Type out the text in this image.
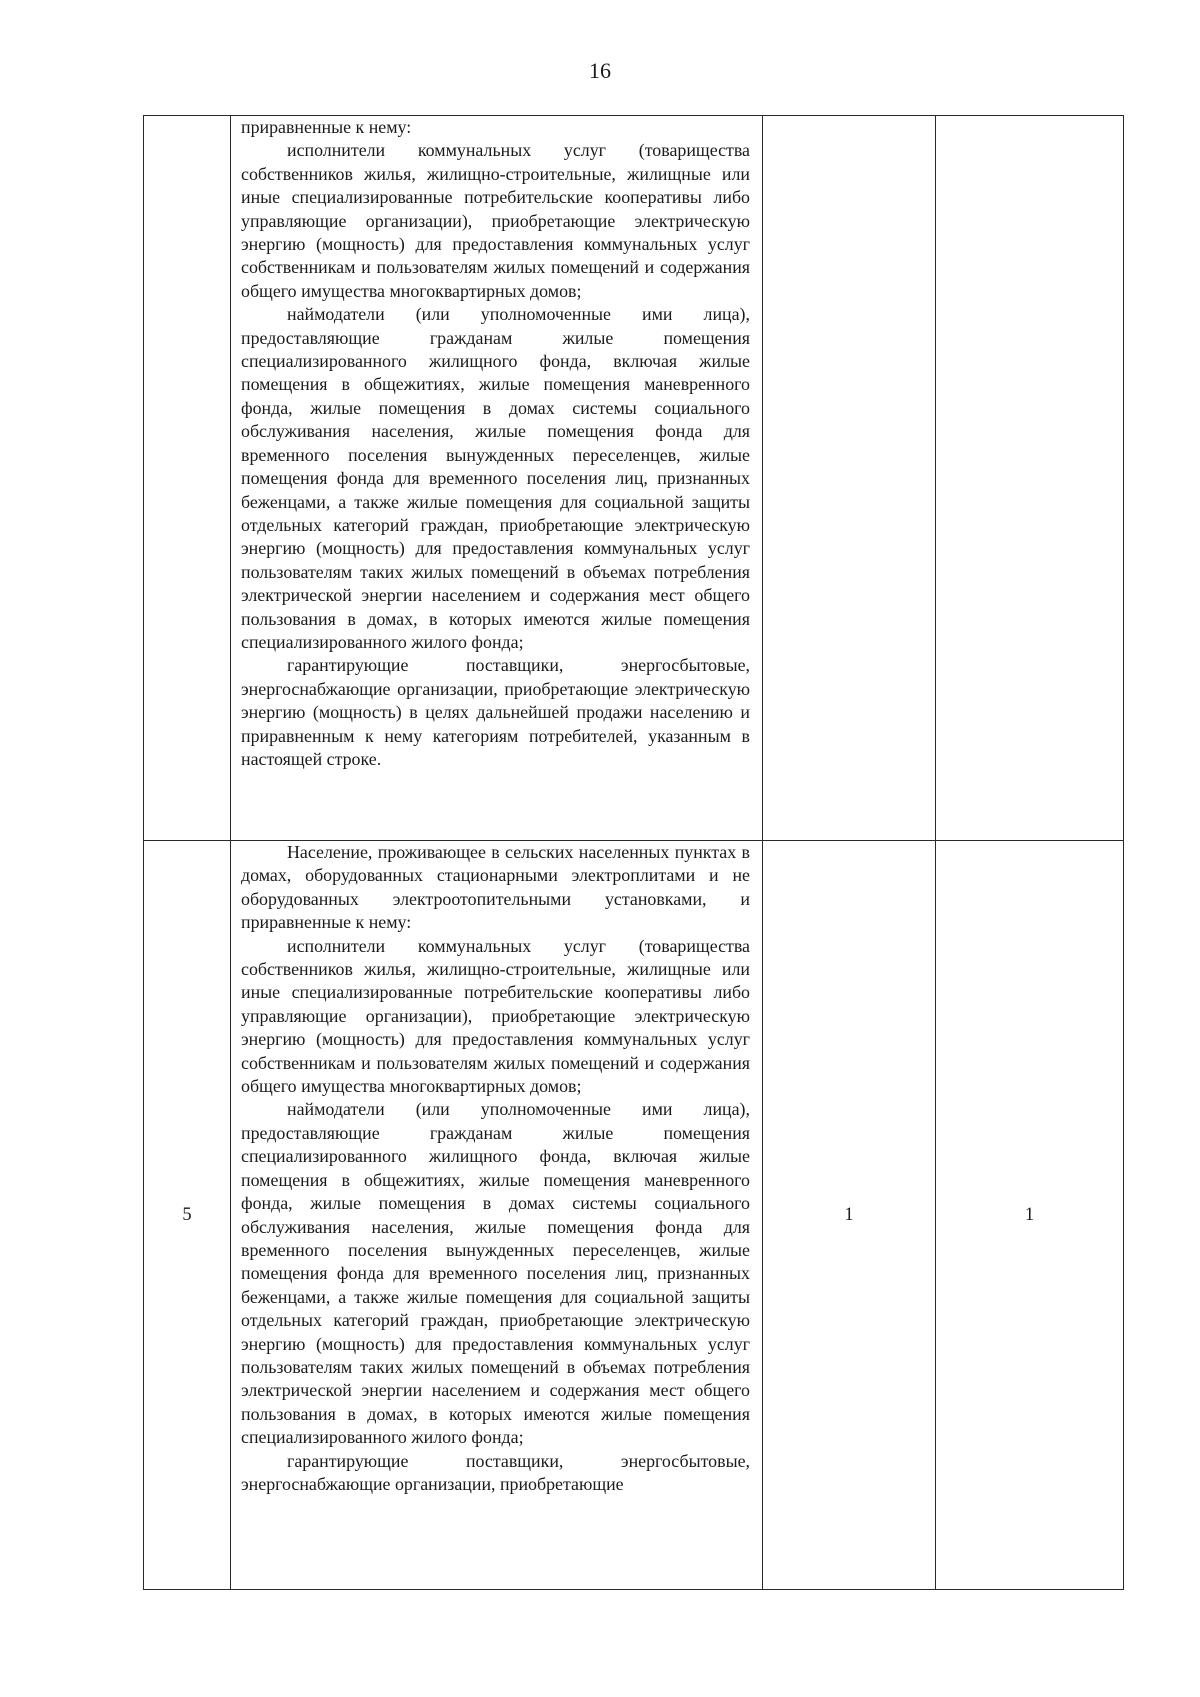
16

	приравненные к нему:

исполнители коммунальных услуг (товарищества собственников жилья, жилищно-строительные, жилищные или иные специализированные потребительские кооперативы либо управляющие организации), приобретающие электрическую энергию (мощность) для предоставления коммунальных услуг собственникам и пользователям жилых помещений и содержания общего имущества многоквартирных домов;

наймодатели (или уполномоченные ими лица), предоставляющие гражданам жилые помещения специализированного жилищного фонда, включая жилые помещения в общежитиях, жилые помещения маневренного фонда, жилые помещения в домах системы социального обслуживания населения, жилые помещения фонда для временного поселения вынужденных переселенцев, жилые помещения фонда для временного поселения лиц, признанных беженцами, а также жилые помещения для социальной защиты отдельных категорий граждан, приобретающие электрическую энергию (мощность) для предоставления коммунальных услуг пользователям таких жилых помещений в объемах потребления электрической энергии населением и содержания мест общего пользования в домах, в которых имеются жилые помещения специализированного жилого фонда;

гарантирующие поставщики, энергосбытовые, энергоснабжающие организации, приобретающие электрическую энергию (мощность) в целях дальнейшей продажи населению и приравненным к нему категориям потребителей, указанным в настоящей строке.		

5	Население, проживающее в сельских населенных пунктах в домах, оборудованных стационарными электроплитами и не оборудованных электроотопительными установками, и приравненные к нему:

исполнители коммунальных услуг (товарищества собственников жилья, жилищно-строительные, жилищные или иные специализированные потребительские кооперативы либо управляющие организации), приобретающие электрическую энергию (мощность) для предоставления коммунальных услуг собственникам и пользователям жилых помещений и содержания общего имущества многоквартирных домов;

наймодатели (или уполномоченные ими лица), предоставляющие гражданам жилые помещения специализированного жилищного фонда, включая жилые помещения в общежитиях, жилые помещения маневренного фонда, жилые помещения в домах системы социального обслуживания населения, жилые помещения фонда для временного поселения вынужденных переселенцев, жилые помещения фонда для временного поселения лиц, признанных беженцами, а также жилые помещения для социальной защиты отдельных категорий граждан, приобретающие электрическую энергию (мощность) для предоставления коммунальных услуг пользователям таких жилых помещений в объемах потребления электрической энергии населением и содержания мест общего пользования в домах, в которых имеются жилые помещения специализированного жилого фонда;

гарантирующие поставщики, энергосбытовые, энергоснабжающие организации, приобретающие	1	1
